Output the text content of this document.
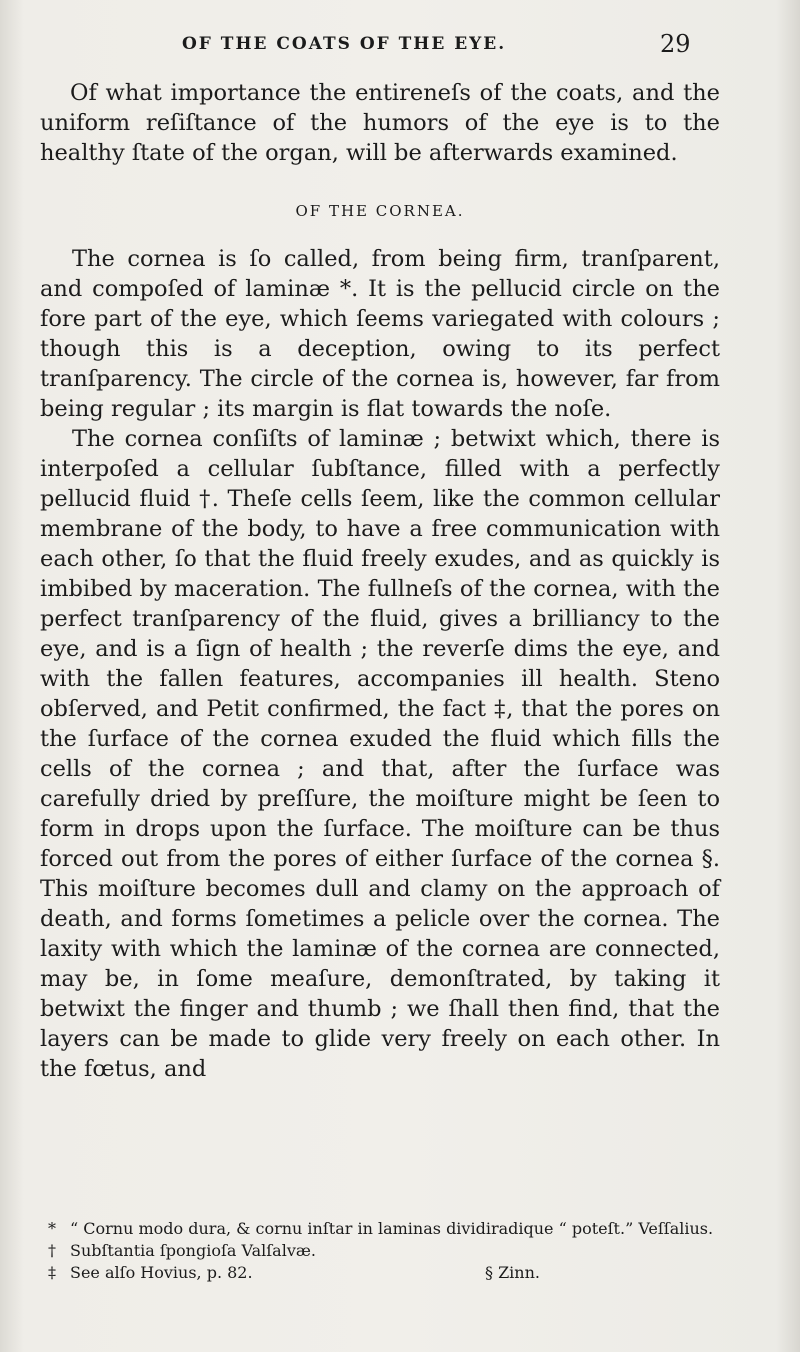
OF THE COATS OF THE EYE.	29

Of what importance the entireneſs of the coats, and the uniform reſiſtance of the humors of the eye is to the healthy ſtate of the organ, will be afterwards examined.

OF THE CORNEA.

The cornea is ſo called, from being firm, tranſparent, and compoſed of laminæ *. It is the pellucid circle on the fore part of the eye, which ſeems variegated with colours ; though this is a deception, owing to its perfect tranſparency. The circle of the cornea is, however, far from being regular ; its margin is flat towards the noſe.

The cornea conſiſts of laminæ ; betwixt which, there is interpoſed a cellular ſubſtance, filled with a perfectly pellucid fluid †. Theſe cells ſeem, like the common cellular membrane of the body, to have a free communication with each other, ſo that the fluid freely exudes, and as quickly is imbibed by maceration. The fullneſs of the cornea, with the perfect tranſparency of the fluid, gives a brilliancy to the eye, and is a ſign of health ; the reverſe dims the eye, and with the fallen features, accompanies ill health. Steno obſerved, and Petit confirmed, the fact ‡, that the pores on the ſurface of the cornea exuded the fluid which fills the cells of the cornea ; and that, after the ſurface was carefully dried by preſſure, the moiſture might be ſeen to form in drops upon the ſurface. The moiſture can be thus forced out from the pores of either ſurface of the cornea §. This moiſture becomes dull and clamy on the approach of death, and forms ſometimes a pelicle over the cornea. The laxity with which the laminæ of the cornea are connected, may be, in ſome meaſure, demonſtrated, by taking it betwixt the finger and thumb ; we ſhall then find, that the layers can be made to glide very freely on each other. In the fœtus, and

* “ Cornu modo dura, & cornu inſtar in laminas dividiradique “ poteſt.” Veſſalius.

† Subſtantia ſpongioſa Valſalvæ.

‡ See alſo Hovius, p. 82.	§ Zinn.
